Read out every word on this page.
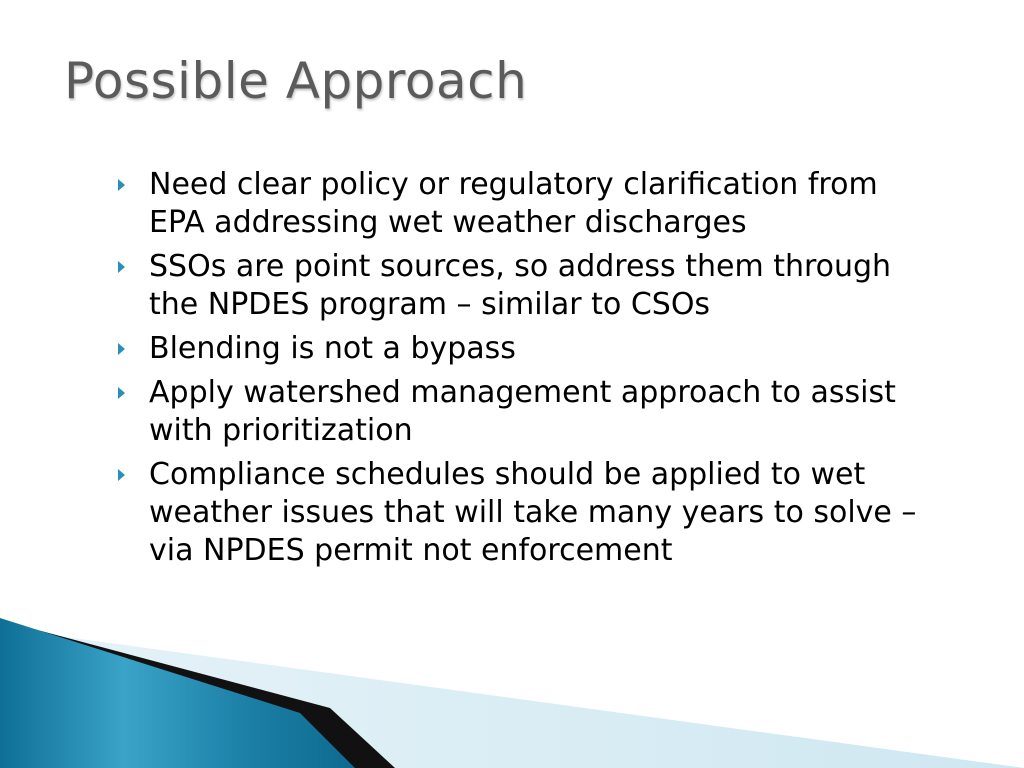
Possible Approach
Need clear policy or regulatory clarification from EPA addressing wet weather discharges
SSOs are point sources, so address them through the NPDES program – similar to CSOs
Blending is not a bypass
Apply watershed management approach to assist with prioritization
Compliance schedules should be applied to wet weather issues that will take many years to solve – via NPDES permit not enforcement
